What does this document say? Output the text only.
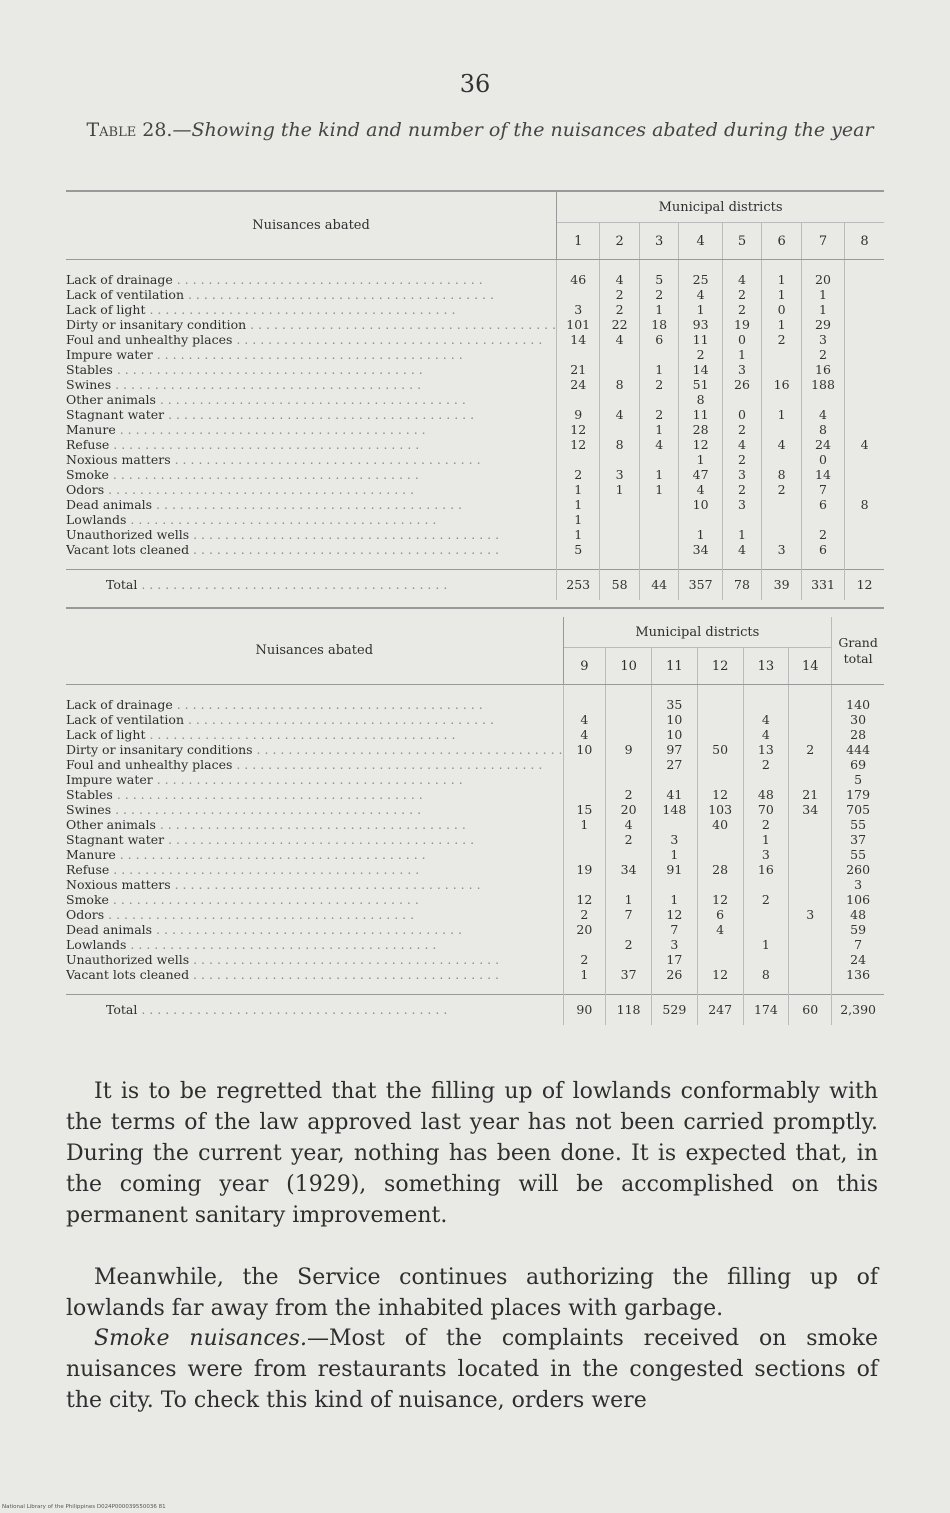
36
Table 28.—Showing the kind and number of the nuisances abated during the year
Nuisances abated	Municipal districts							
	1	2	3	4	5	6	7	8

Lack of drainage . . .	46	4	5	25	4	1	20	
Lack of ventilation . . .		2	2	4	2	1	1	
Lack of light . . .	3	2	1	1	2	0	1	
Dirty or insanitary condition . . .	101	22	18	93	19	1	29	
Foul and unhealthy places . . .	14	4	6	11	0	2	3	
Impure water . . .				2	1		2	
Stables . . .	21		1	14	3		16	
Swines . . .	24	8	2	51	26	16	188	
Other animals . . .				8				
Stagnant water . . .	9	4	2	11	0	1	4	
Manure . . .	12		1	28	2		8	
Refuse . . .	12	8	4	12	4	4	24	4
Noxious matters . . .				1	2		0	
Smoke . . .	2	3	1	47	3	8	14	
Odors . . .	1	1	1	4	2	2	7	
Dead animals . . .	1			10	3		6	8
Lowlands . . .	1							
Unauthorized wells . . .	1			1	1		2	
Vacant lots cleaned . . .	5			34	4	3	6	

Total . . .	253	58	44	357	78	39	331	12
Nuisances abated	Municipal districts						Grand total
	9	10	11	12	13	14	

Lack of drainage . . .			35				140
Lack of ventilation . . .	4		10		4		30
Lack of light . . .	4		10		4		28
Dirty or insanitary conditions . . .	10	9	97	50	13	2	444
Foul and unhealthy places . . .			27		2		69
Impure water . . .							5
Stables . . .		2	41	12	48	21	179
Swines . . .	15	20	148	103	70	34	705
Other animals . . .	1	4		40	2		55
Stagnant water . . .		2	3		1		37
Manure . . .			1		3		55
Refuse . . .	19	34	91	28	16		260
Noxious matters . . .							3
Smoke . . .	12	1	1	12	2		106
Odors . . .	2	7	12	6		3	48
Dead animals . . .	20		7	4			59
Lowlands . . .		2	3		1		7
Unauthorized wells . . .	2		17				24
Vacant lots cleaned . . .	1	37	26	12	8		136

Total . . .	90	118	529	247	174	60	2,390

It is to be regretted that the filling up of lowlands conformably with the terms of the law approved last year has not been carried promptly. During the current year, nothing has been done. It is expected that, in the coming year (1929), something will be accomplished on this permanent sanitary improvement.

Meanwhile, the Service continues authorizing the filling up of lowlands far away from the inhabited places with garbage.

Smoke nuisances.—Most of the complaints received on smoke nuisances were from restaurants located in the congested sections of the city. To check this kind of nuisance, orders were

National Library of the Philippines D024P000039550036 81
